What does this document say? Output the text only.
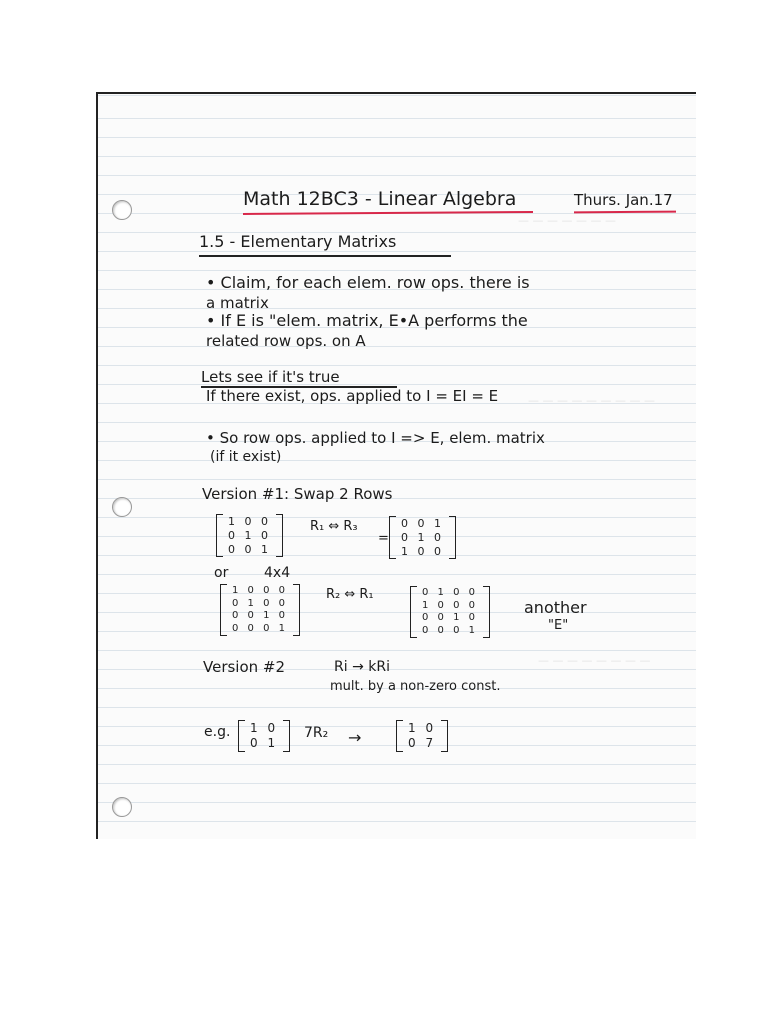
— — — — — — —
— — — — — — — — —
— — — — — — — —
Math 12BC3 - Linear Algebra	Thurs. Jan.17
1.5 - Elementary Matrixs
• Claim, for each elem. row ops. there is
a matrix
• If E is "elem. matrix, E•A performs the
related row ops. on A
Lets see if it's true
If there exist, ops. applied to I = EI = E
• So row ops. applied to I => E, elem. matrix
(if it exist)
Version #1: Swap 2 Rows
1 0 0
0 1 0
0 0 1
R₁ ⇔ R₃
=
0 0 1
0 1 0
1 0 0
or	4x4
1 0 0 0
0 1 0 0
0 0 1 0
0 0 0 1
R₂ ⇔ R₁	0 1 0 0
1 0 0 0
0 0 1 0
0 0 0 1
another
"E"
Version #2	Ri → kRi
mult. by a non-zero const.
e.g. 1 0
0 1
7R₂ →	1 0
0 7
